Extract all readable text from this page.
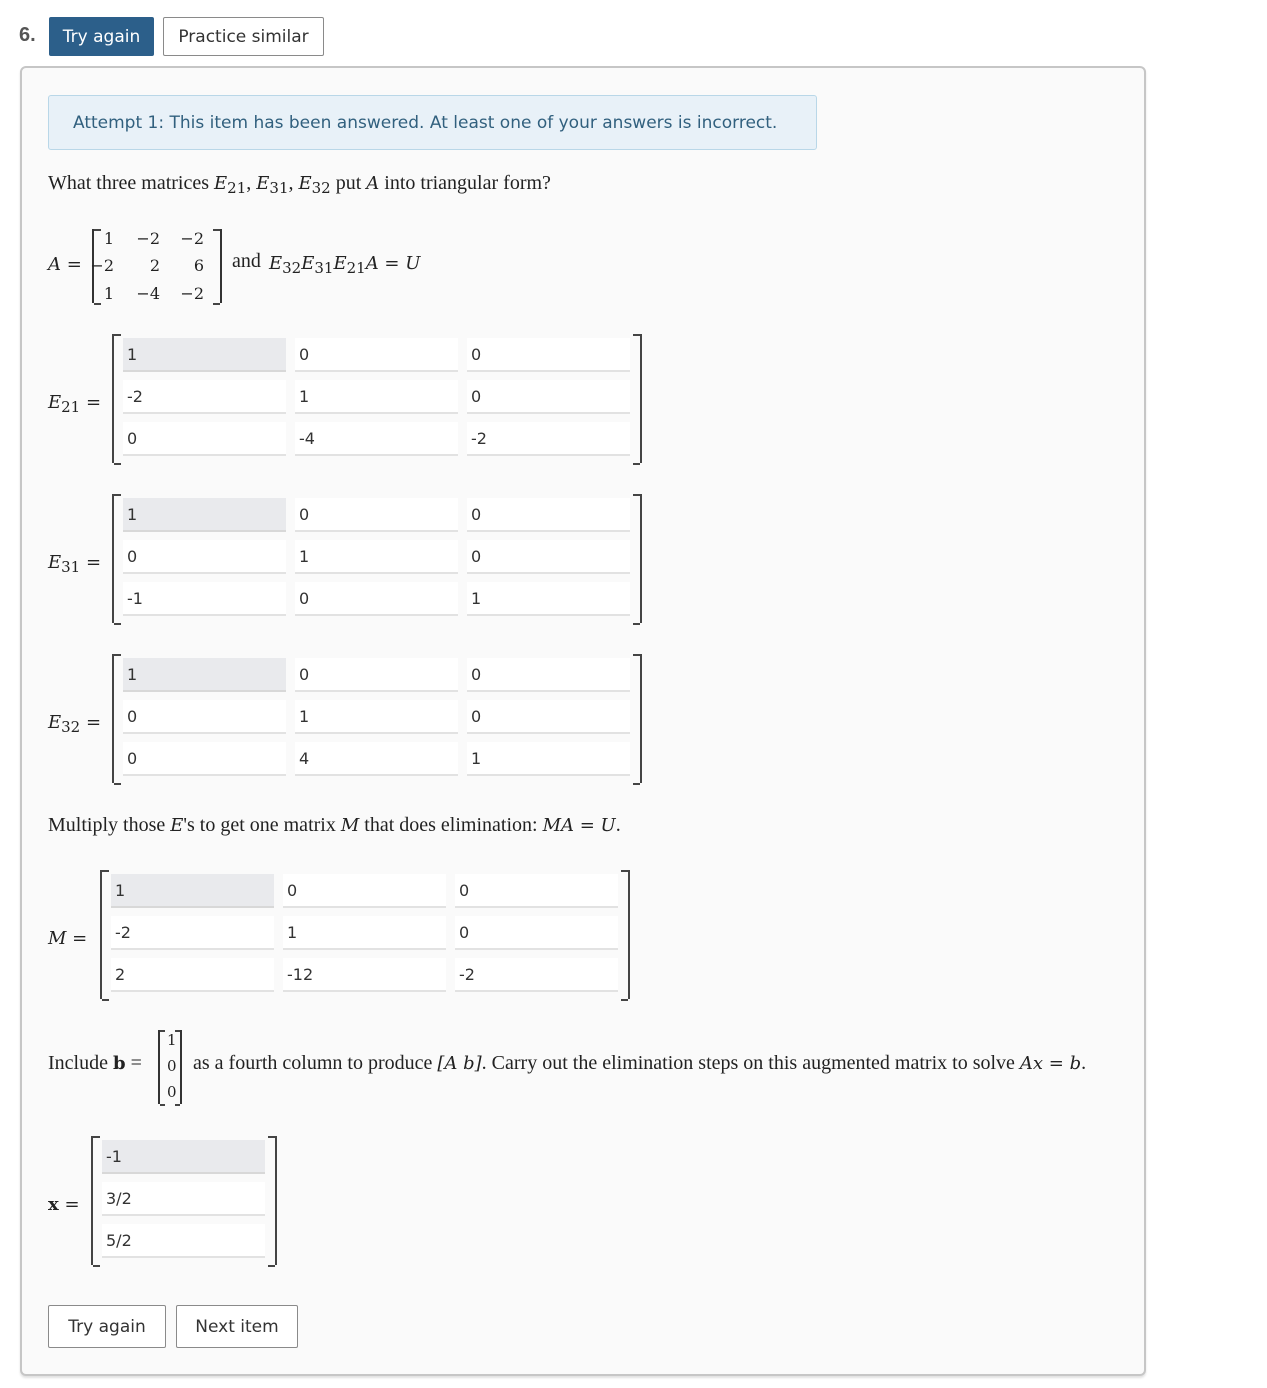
6.	Try again	Practice similar
Attempt 1: This item has been answered. At least one of your answers is incorrect.
What three matrices $E_{21}$, $E_{31}$, $E_{32}$ put A into triangular form?
A =
1	−2	−2
−2	2	6
1	−4	−2
and $E_{32}E_{31}E_{21}A = U$
$E_{21}$ =
1	0	0
-2	1	0
0	-4	-2
$E_{31}$ =
1	0	0
0	1	0
-1	0	1
$E_{32}$ =
1	0	0
0	1	0
0	4	1
Multiply those E's to get one matrix M that does elimination: MA = U.
M =
1	0	0
-2	1	0
2	-12	-2
Include b =
1
0
0
as a fourth column to produce [A b]. Carry out the elimination steps on this augmented matrix to solve Ax = b.
x =
-1
3/2
5/2
Try again	Next item
